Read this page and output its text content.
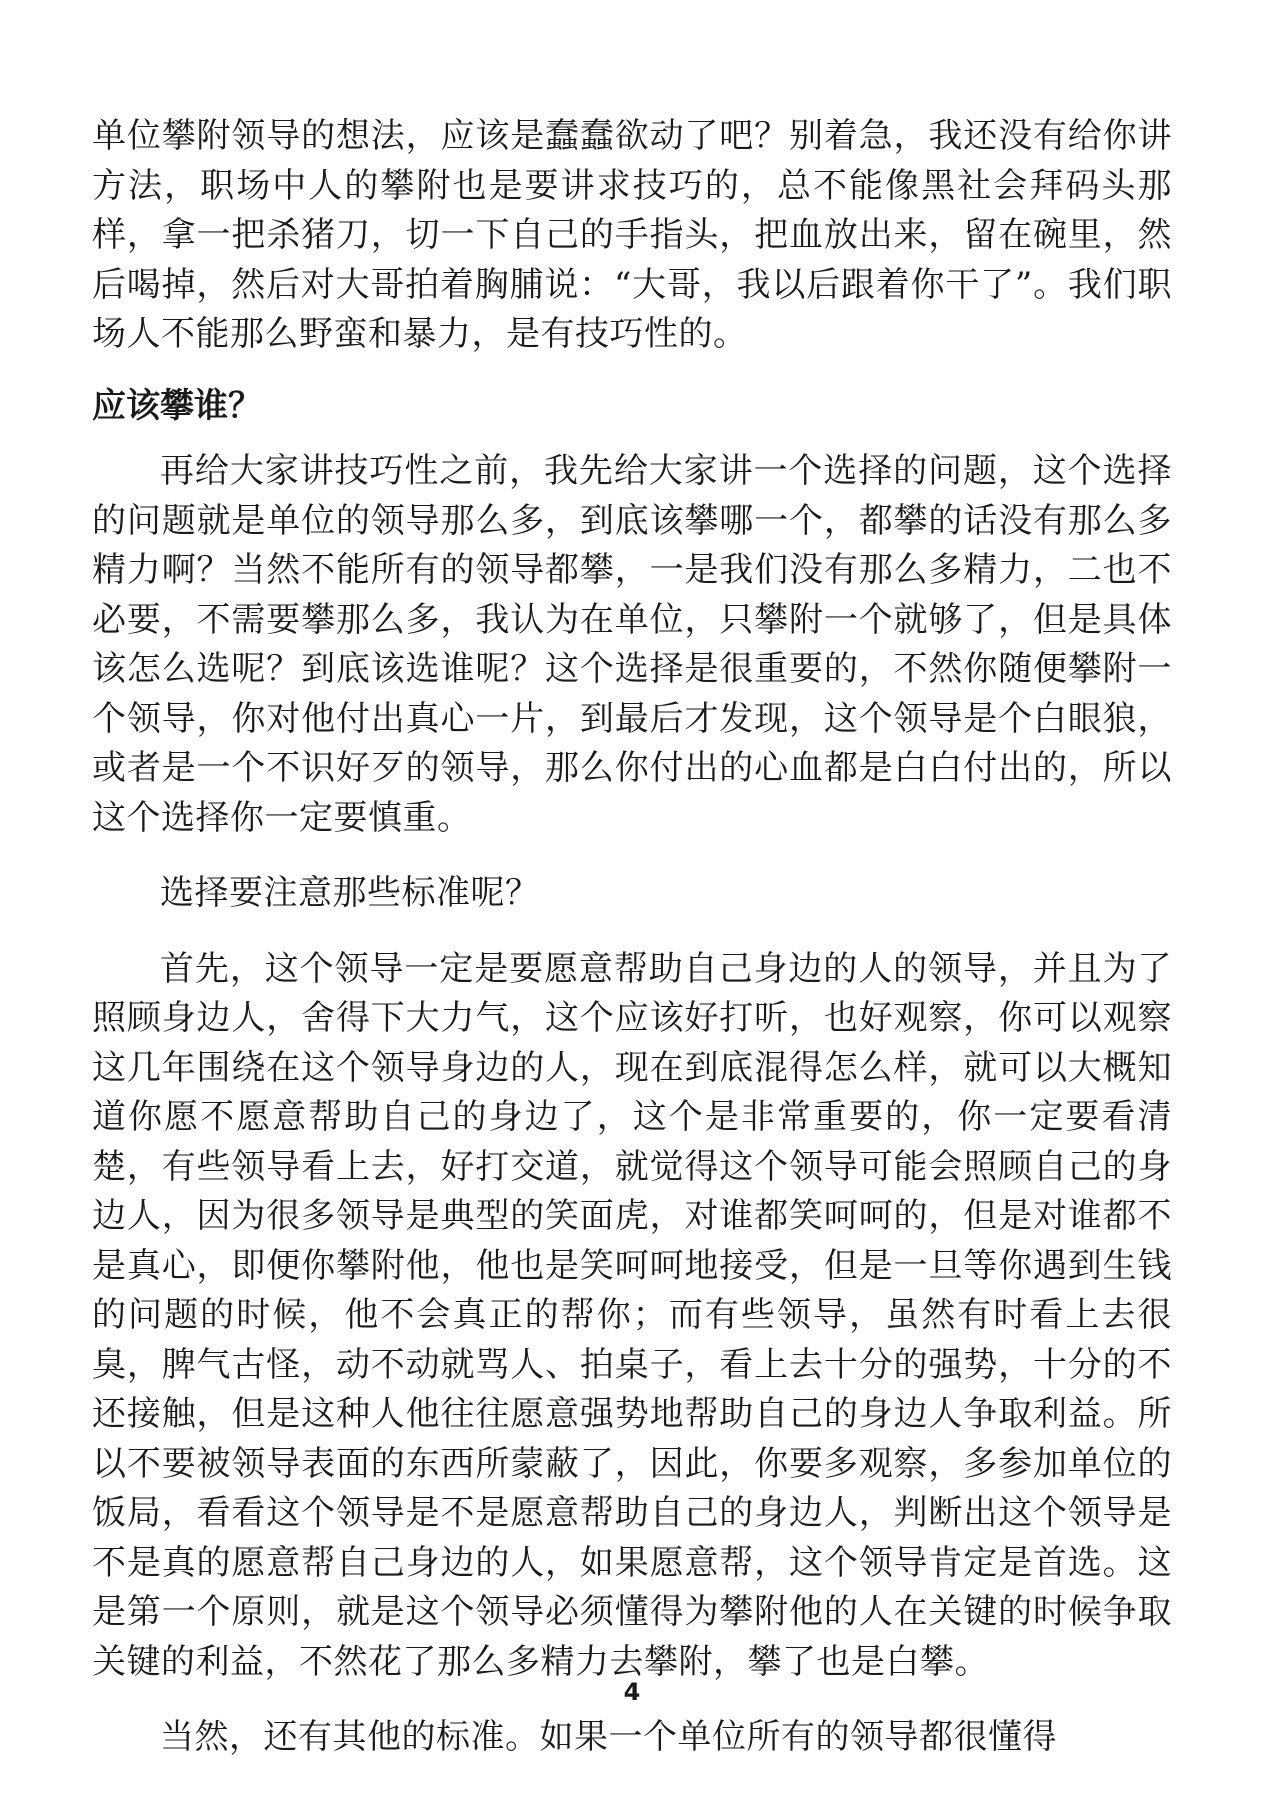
单位攀附领导的想法，应该是蠢蠢欲动了吧？别着急，我还没有给你讲方法，职场中人的攀附也是要讲求技巧的，总不能像黑社会拜码头那样，拿一把杀猪刀，切一下自己的手指头，把血放出来，留在碗里，然后喝掉，然后对大哥拍着胸脯说：“大哥，我以后跟着你干了”。我们职场人不能那么野蛮和暴力，是有技巧性的。

应该攀谁？

再给大家讲技巧性之前，我先给大家讲一个选择的问题，这个选择的问题就是单位的领导那么多，到底该攀哪一个，都攀的话没有那么多精力啊？当然不能所有的领导都攀，一是我们没有那么多精力，二也不必要，不需要攀那么多，我认为在单位，只攀附一个就够了，但是具体该怎么选呢？到底该选谁呢？这个选择是很重要的，不然你随便攀附一个领导，你对他付出真心一片，到最后才发现，这个领导是个白眼狼，或者是一个不识好歹的领导，那么你付出的心血都是白白付出的，所以这个选择你一定要慎重。

选择要注意那些标准呢？

首先，这个领导一定是要愿意帮助自己身边的人的领导，并且为了照顾身边人，舍得下大力气，这个应该好打听，也好观察，你可以观察这几年围绕在这个领导身边的人，现在到底混得怎么样，就可以大概知道你愿不愿意帮助自己的身边了，这个是非常重要的，你一定要看清楚，有些领导看上去，好打交道，就觉得这个领导可能会照顾自己的身边人，因为很多领导是典型的笑面虎，对谁都笑呵呵的，但是对谁都不是真心，即便你攀附他，他也是笑呵呵地接受，但是一旦等你遇到生钱的问题的时候，他不会真正的帮你；而有些领导，虽然有时看上去很臭，脾气古怪，动不动就骂人、拍桌子，看上去十分的强势，十分的不还接触，但是这种人他往往愿意强势地帮助自己的身边人争取利益。所以不要被领导表面的东西所蒙蔽了，因此，你要多观察，多参加单位的饭局，看看这个领导是不是愿意帮助自己的身边人，判断出这个领导是不是真的愿意帮自己身边的人，如果愿意帮，这个领导肯定是首选。这是第一个原则，就是这个领导必须懂得为攀附他的人在关键的时候争取关键的利益，不然花了那么多精力去攀附，攀了也是白攀。

当然，还有其他的标准。如果一个单位所有的领导都很懂得

4
